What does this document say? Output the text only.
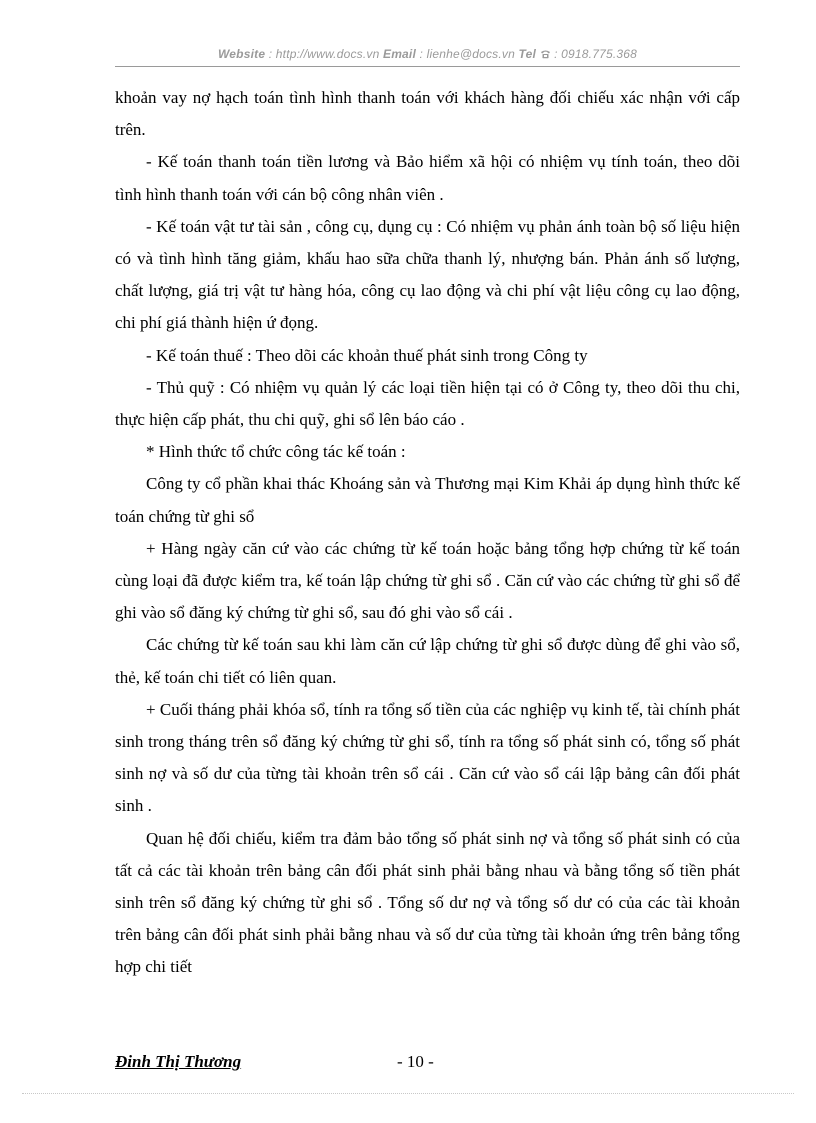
Website : http://www.docs.vn Email : lienhe@docs.vn Tel  : 0918.775.368

khoản vay nợ hạch toán tình hình thanh toán với khách hàng đối chiếu xác nhận với cấp trên.

- Kế toán thanh toán tiền lương và Bảo hiểm xã hội có nhiệm vụ tính toán, theo dõi tình hình thanh toán với cán bộ công nhân viên .

- Kế toán vật tư tài sản , công cụ, dụng cụ : Có nhiệm vụ phản ánh toàn bộ số liệu hiện có và tình hình tăng giảm, khấu hao sữa chữa thanh lý, nhượng bán. Phản ánh số lượng, chất lượng, giá trị vật tư hàng hóa, công cụ lao động và chi phí vật liệu công cụ lao động, chi phí giá thành hiện ứ đọng.

- Kế toán thuế : Theo dõi các khoản thuế phát sinh trong Công ty

- Thủ quỹ : Có nhiệm vụ quản lý các loại tiền hiện tại có ở Công ty, theo dõi thu chi, thực hiện cấp phát, thu chi quỹ, ghi sổ lên báo cáo .

* Hình thức tổ chức công tác kế toán :

Công ty cổ phần khai thác Khoáng sản và Thương mại Kim Khải áp dụng hình thức kế toán chứng từ ghi sổ

+ Hàng ngày căn cứ vào các chứng từ kế toán hoặc bảng tổng hợp chứng từ kế toán cùng loại đã được kiểm tra, kế toán lập chứng từ ghi sổ . Căn cứ vào các chứng từ ghi sổ để ghi vào sổ đăng ký chứng từ ghi sổ, sau đó ghi vào sổ cái .

Các chứng từ kế toán sau khi làm căn cứ lập chứng từ ghi sổ được dùng để ghi vào sổ, thẻ, kế toán chi tiết có liên quan.

+ Cuối tháng phải khóa sổ, tính ra tổng số tiền của các nghiệp vụ kinh tế, tài chính phát sinh trong tháng trên sổ đăng ký chứng từ ghi sổ, tính ra tổng số phát sinh có, tổng số phát sinh nợ và số dư của từng tài khoản trên sổ cái . Căn cứ vào sổ cái lập bảng cân đối phát sinh .

Quan hệ đối chiếu, kiểm tra đảm bảo tổng số phát sinh nợ và tổng số phát sinh có của tất cả các tài khoản trên bảng cân đối phát sinh phải bằng nhau và bằng tổng số tiền phát sinh trên sổ đăng ký chứng từ ghi sổ . Tổng số dư nợ và tổng số dư có của các tài khoản trên bảng cân đối phát sinh phải bằng nhau và số dư của từng tài khoản ứng trên bảng tổng hợp chi tiết

Đinh Thị Thương	- 10 -
